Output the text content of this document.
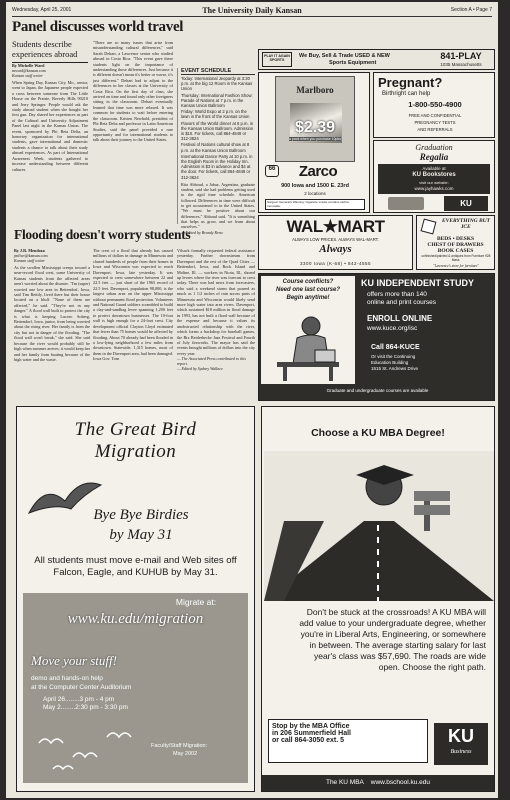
Wednesday, April 25, 2001	The University Daily Kansan	Section A • Page 7
Panel discusses world travel
Students describe experiences abroad
By Michelle Ward
mward@kansan.com
Kansan staff writer
When Spring Day, Kansas City, Mo., senior, went to Japan, the Japanese people expected a cross between someone from The Little House on the Prairie, Beverly Hills 90210 and Jerry Springer. People would ask the study abroad student when she bought her first gun. Day shared her experiences as part of the Cultural and University Adjustment Panel last night in the Kansas Union. The event, sponsored by Phi Beta Delta, an honorary organization for international students, gave international and domestic students a chance to talk about their study abroad experiences. As part of International Awareness Week, students gathered to increase understanding between different cultures.
"There are so many issues that arise from misunderstanding cultural differences," said Sarah Dehart, a Lawrence senior who studied abroad in Costa Rica. "This event gave these students light on the importance of understanding those differences. Just because it is different doesn't mean it's better or worse, it's just different." Dehart had to adjust to the differences in her classes at the University of Costa Rica. On the first day of class, she arrived on time and found only other foreigners sitting in the classroom. Dehart eventually learned that time was more relaxed. It was common for students to wait before entering the classroom. Kristen Newbold, president of Phi Beta Delta and professor in Latin American Studies, said the panel provided a rare opportunity and for international students to talk about their journey to the United States.
EVENT SCHEDULE
Today: International Jeopardy at 3:30 p.m. at the big 12 Room in the Kansas Union
Thursday: International Fashion Show: Parade of Nations at 7 p.m. in the Kansas Union Ballroom
Friday: World Expo at 2 p.m. on the lawn in the front of the Kansas Union
Flavors of the World dinner at 6 p.m. in the Kansas Union Ballroom. Admission is $10. For tickets, call 864-4848 or 312-3624
Festival of Nations cultural show at 8 p.m. at the Kansas Union Ballroom
International Dance Party at 10 p.m. in the English Room in the Holiday Inn. Admission is $3 in advance and $4 at the door. For tickets, call 864-4848 or 312-3624
Rita Abboud, a Jabaz, Argentina, graduate student, said she had problems getting used to the rigid time schedule. American followed. Differences in time were difficult to get accustomed to in the United States. "We must be positive about our differences," Abboud said. "It is something that helps us grow, and we learn about ourselves."
— Edited by Brandy Reno
PLAY IT AGAIN SPORTS
We Buy, Sell & Trade USED & NEW
Sports Equipment
841-PLAY
1035 Massachusetts
Marlboro
$2.39
a pack when you purchase 10pks
Zarco
66
900 Iowa and 1500 E. 23rd
2 locations
Surgeon General's Warning: Cigarette smoke contains carbon monoxide.
Pregnant?
Birthright can help
1-800-550-4900
FREE AND CONFIDENTIAL
PREGNANCY TESTS
AND REFERRALS
Graduation
Regalia
Available at
KU Bookstores
visit our website:
www.jayhawks.com
KU
Flooding doesn't worry students
By J.R. Mendoza
jmflwr@kansan.com
Kansan staff writer
As the swollen Mississippi creeps toward a near-record flood crest, some University of Kansas students from the affected areas aren't worried about the disaster. "I'm (super) worried one low area in Bettendorf, Iowa, said Tim Rettily, lived there but their house located on a bluff. "None of them are affected," he said. "They're not in any danger." A flood wall built to protect the city is what is keeping Lucero Soberg, Bettendorf, Iowa, junior, from being worried about the rising river. Her family is from the city but not in danger of the flooding. "The flood wall won't break," she said. She said because the river would probably still be high when summer arrives, it would keep her and her family from boating because of the high water and the waste.
The crest of a flood that already has caused millions of dollars in damage in Minnesota and chased hundreds of people from their homes in Iowa and Wisconsin was expected to reach Davenport, Iowa, late yesterday. It was expected to crest somewhere between 22 and 22.5 feet — just short of the 1965 record of 22.5 feet. Davenport, population 98,000, is the largest urban area on the upper Mississippi without permanent flood protection. Volunteers and National Guard soldiers scrambled to build a clay-and-sandbag levee spanning 1,200 feet to protect downtown businesses. The 10-foot wall is high enough for a 24-foot crest. City development official Clayton Lloyd estimated that fewer than 75 homes would be affected by flooding. About 70 already had been flooded in a low-lying neighborhood a few miles from downtown. Statewide, 1,315 homes, most of them in the Davenport area, had been damaged. Iowa Gov. Tom
Vilsack formally requested federal assistance yesterday. Further downstream from Davenport and the rest of the Quad Cities — Bettendorf, Iowa, and Rock Island and Moline, Ill. — workers in Niota, Ill., shored up levees where the river was forecast to crest today. There was bad news from forecasters, who said a weekend storm that poured as much as 1 1/2 inches of rain across parts of Minnesota and Wisconsin would likely send more high water into area rivers. Davenport, which sustained $18 million in flood damage in 1993, has not built a flood wall because of the expense and because it values its unobstructed relationship with the river, which forms a backdrop for baseball games, the Bix Beiderbecke Jazz Festival and Fourth of July fireworks. The mayor has said the events brought millions of dollars into the city every year.
— The Associated Press contributed to this report.
— Edited by Sydney Wallace
WAL★MART
ALWAYS LOW PRICES. ALWAYS WAL-MART.
Always
3300 Iowa (K-68) • 842-4555
EVERYTHING BUT ICE
BEDS • DESKS
CHEST OF DRAWERS
BOOK CASES
unfinished/painted & antiques from Furniture 928 Mass.
"Lawrence's store for furniture"
Course conflicts?
Need one last course?
Begin anytime!
KU INDEPENDENT STUDY
offers more than 140
online and print courses
ENROLL ONLINE
www.kuce.org/isc
Call 864-KUCE
Or visit the Continuing
Education Building
1515 St. Andrews Drive
Graduate and undergraduate courses are available
The Great Bird
Migration
Bye Bye Birdies
by May 31
All students must move e-mail and Web sites off Falcon, Eagle, and KUHUB by May 31.
Migrate at:
www.ku.edu/migration
Move your stuff!
demo and hands-on help
at the Computer Center Auditorium
April 26........3 pm - 4 pm
May 2........2:30 pm - 3:30 pm
Faculty/Staff Migration:
May 2002
Choose a KU MBA Degree!
Don't be stuck at the crossroads! A KU MBA will add value to your undergraduate degree, whether you're in Liberal Arts, Engineering, or somewhere in between. The average starting salary for last year's class was $57,690. The roads are wide open. Choose the right path.
Stop by the MBA Office
in 206 Summerfield Hall
or call 864-3050 ext. 5	KU
Business
The KU MBA    www.bschool.ku.edu
